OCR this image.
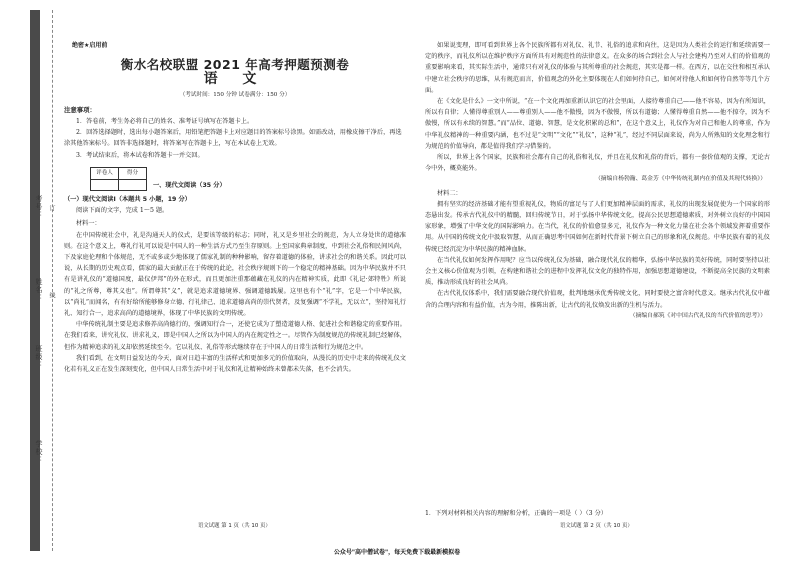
考号：
姓名：
班级：
学校：
订
线
绝密★启用前
衡水名校联盟 2021 年高考押题预测卷
语 文
（考试时间：150 分钟 试卷满分：150 分）
注意事项：
1．答卷前，考生务必将自己的姓名、准考证号填写在答题卡上。
2．回答选择题时，选出每小题答案后，用铅笔把答题卡上对应题目的答案标号涂黑。如需改动，用橡皮擦干净后，再选涂其他答案标号。回答非选择题时，将答案写在答题卡上，写在本试卷上无效。
3．考试结束后，将本试卷和答题卡一并交回。
评卷人	得分

一、现代文阅读（35 分）
（一）现代文阅读Ⅰ（本题共 5 小题，19 分）
阅读下面的文字，完成 1～5 题。
材料一：

在中国传统社会中，礼是沟通天人的仪式，是要该等级的标志；同时，礼又是乡里社会的规范，为人立身处世的道德准则。在这个意义上，尊礼行礼可以说是中国人的一种生活方式乃至生存原则。上至国家典章制度，中到社会礼俗和民间风尚，下及家庭伦理和个体规范，无不或多或少地体现了儒家礼制的种种影响，留存着道德的体验，讲求社会的和谐关系。因此可以说，从长期的历史观点看，儒家的最大贡献正在于传统的此论，社会秩序规则下的一个稳定的精神基础。因为中华民族并不只有是讲礼仪的“道德国度，最仪伊邦”的外在形式，而且更加注重那蕴藏在礼仪的内在精神实质，此即《礼记·郊特牲》所说的“礼之所尊，尊其义也”。所谓尊其“义”，就是追求道德境界、强调道德践履。这里也有个“礼”字，它是一个中华民族，以“尚礼”而闻名，有有好给所能够修身立德、行礼律己、追求道德高尚的崇代贤者，及复强调“不学礼，无以立”，坚持知礼行礼、知行合一，追求高尚的道德境界，体现了中华民族的文明传统。

中华传统礼制主要是追求修养高尚德行的，强调知行合一，还使它成为了塑造道德人格、促进社会和谐稳定的重要作用。在我们看来，讲究礼仪、讲求礼义，即是中国人之所以为中国人的内在规定性之一。尽管作为制度规范的传统礼制已经解体，但作为精神追求的礼义却依然延续至今。它以礼仪、礼俗等形式继续存在于中国人的日常生活和行为规范之中。

我们看到，在文明日益发达的今天，面对日趋丰富的生活样式和更加多元的价值取向，从漫长的历史中走来的传统礼仪文化若有礼义正在发生深刻变化，但中国人日常生活中对于礼仪和礼让精神始终未曾都未失落，也不会消失。

如果说变理，即可看到世界上各个民族所都有对礼仪、礼节、礼俗的追求和向往，这是因为人类社会的运行和延续需要一定的秩序，而礼仪所以在维护秩序方面所具有对规范性的法律意义。在众多的场合到社会人与社会建构乃至对人们的价值观的重要影响来看，其实际生活中，通常只有对礼仪的体验与其所尊重的社会规范，其实是都一样。在西方，以在交往和相互承认中建立社会秩序的思维，从有规范而言，价值观念的外化主要体现在人们如何待自己，如何对待他人和如何待自然等等几个方面。

在《文化是什么》一文中所说，“在一个文化再加重新认识它的社会里面，人接待尊重自己——他不容易，因为有所知识，所以有自律；人懂得尊重别人——尊重别人——他不傲慢，因为不傲慢，所以有道德；人懂得尊重自然——他不掠夺，因为不傲慢，所以有永续的智慧。”而“品位、道德、智慧，是文化积累的总和”，在这个意义上，礼仪作为对自己和他人的尊重，作为中华礼仪精神的一种重要内涵，也不过是“文明”“文化”“礼仪”，这种“礼”，经过不同层面来说，尚为人所熟知的文化理念和行为规范的价值导向，都是值得我们学习借鉴的。

所以，世界上各个国家，民族和社会都有自己的礼俗和礼仪，并且在礼仪和礼俗的背后，都有一套价值观的支撑，无论古今中外，概莫能外。

（摘编自杨勃瀚、葛金芳《中华传统礼制内在价值及其现代转换》）
材料二：

拥有坚实的经济基础才能有望重视礼仪，物质的富足与了人们更加精神层面的需求，礼仪的出现发展促使为一个国家的形态悬出发。传承古代礼仪中的精髓，回归传统节日，对于弘扬中华传统文化，提高公民思想道德素质，对外树立良好的中国国家形象，增强了中华文化的国际影响力。在当代，礼仪的价值愈显多元，礼仪作为一种文化力量在社会各个领域发挥着重要作用。从中国的传统文化中汲取智慧，从而正确思考中国如何在新时代背景下树立自己的形象和礼仪规范。中华民族有着的礼仪传统已经沉淀为中华民族的精神血脉。

在当代礼仪如何发挥作用呢？应当以传统礼仪为基础，融合现代礼仪的精华，弘扬中华民族的美好传统，同时要坚持以社会主义核心价值观为引领，在构建和谐社会的进程中发挥礼仪文化的独特作用，加强思想道德建设，不断提高全民族的文明素质，推动形成良好的社会风尚。

在古代礼仪体系中，我们需要融合现代价值观，批判地继承优秀传统文化，同时要使之富含时代意义。继承古代礼仪中蕴含的合理内容和有益价值，古为今用，推陈出新，让古代的礼仪焕发出新的生机与活力。

（摘编自郝筑《对中国古代礼仪的当代价值的思考》）
1．下列对材料相关内容的理解和分析，正确的一项是（ ）（3 分）
语文试题 第 1 页（共 10 页）	语文试题 第 2 页（共 10 页）
公众号"高中僧试卷"，每天免费下载最新模拟卷
